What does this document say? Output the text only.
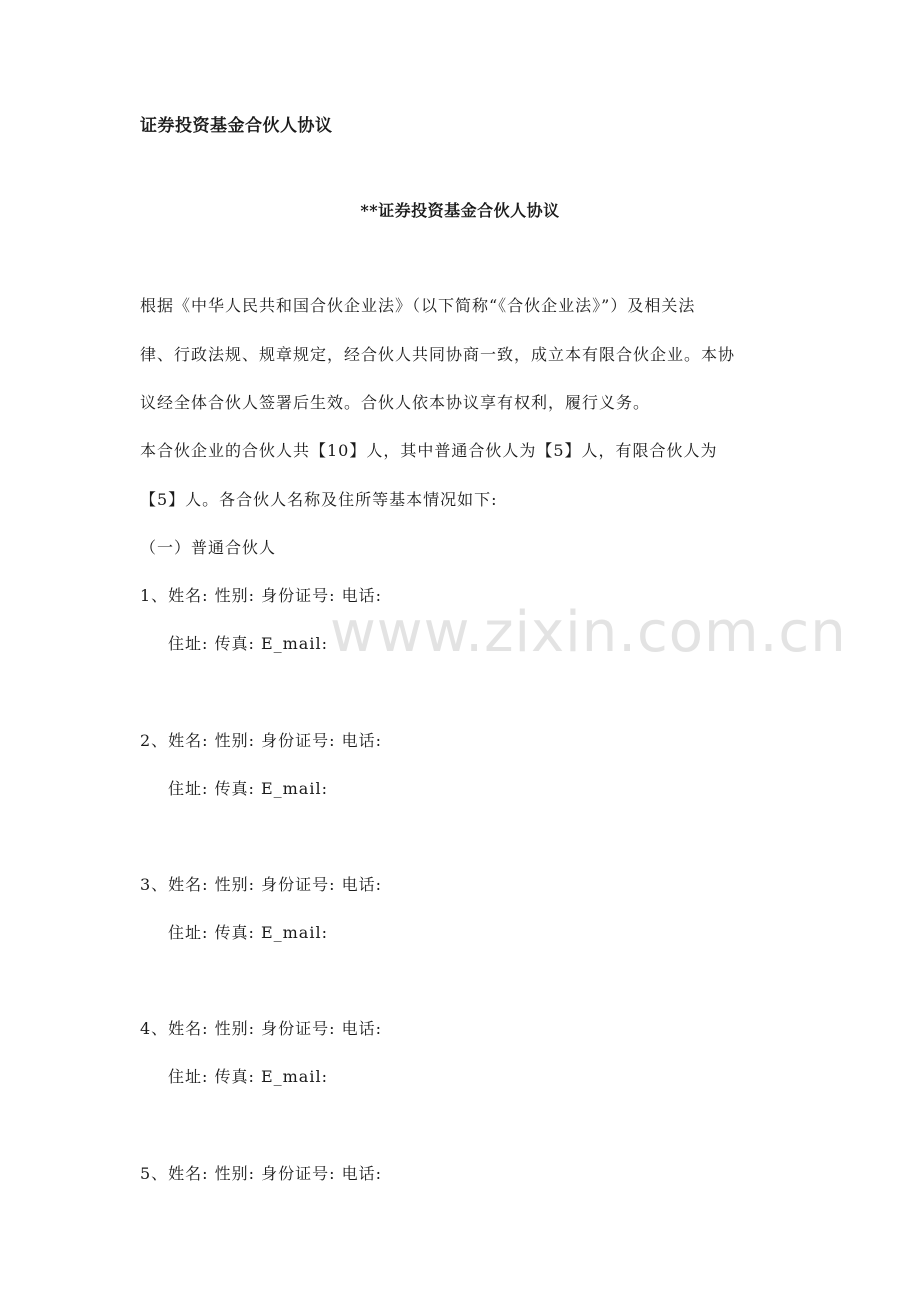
证券投资基金合伙人协议
**证券投资基金合伙人协议
根据《中华人民共和国合伙企业法》（以下简称“《合伙企业法》”）及相关法
律、行政法规、规章规定，经合伙人共同协商一致，成立本有限合伙企业。本协
议经全体合伙人签署后生效。合伙人依本协议享有权利，履行义务。
本合伙企业的合伙人共【10】人，其中普通合伙人为【5】人，有限合伙人为
【5】人。各合伙人名称及住所等基本情况如下:
（一）普通合伙人
1、姓名: 性别: 身份证号: 电话:
住址: 传真: E_mail:
2、姓名: 性别: 身份证号: 电话:
住址: 传真: E_mail:
3、姓名: 性别: 身份证号: 电话:
住址: 传真: E_mail:
4、姓名: 性别: 身份证号: 电话:
住址: 传真: E_mail:
5、姓名: 性别: 身份证号: 电话:
www.zixin.com.cn
